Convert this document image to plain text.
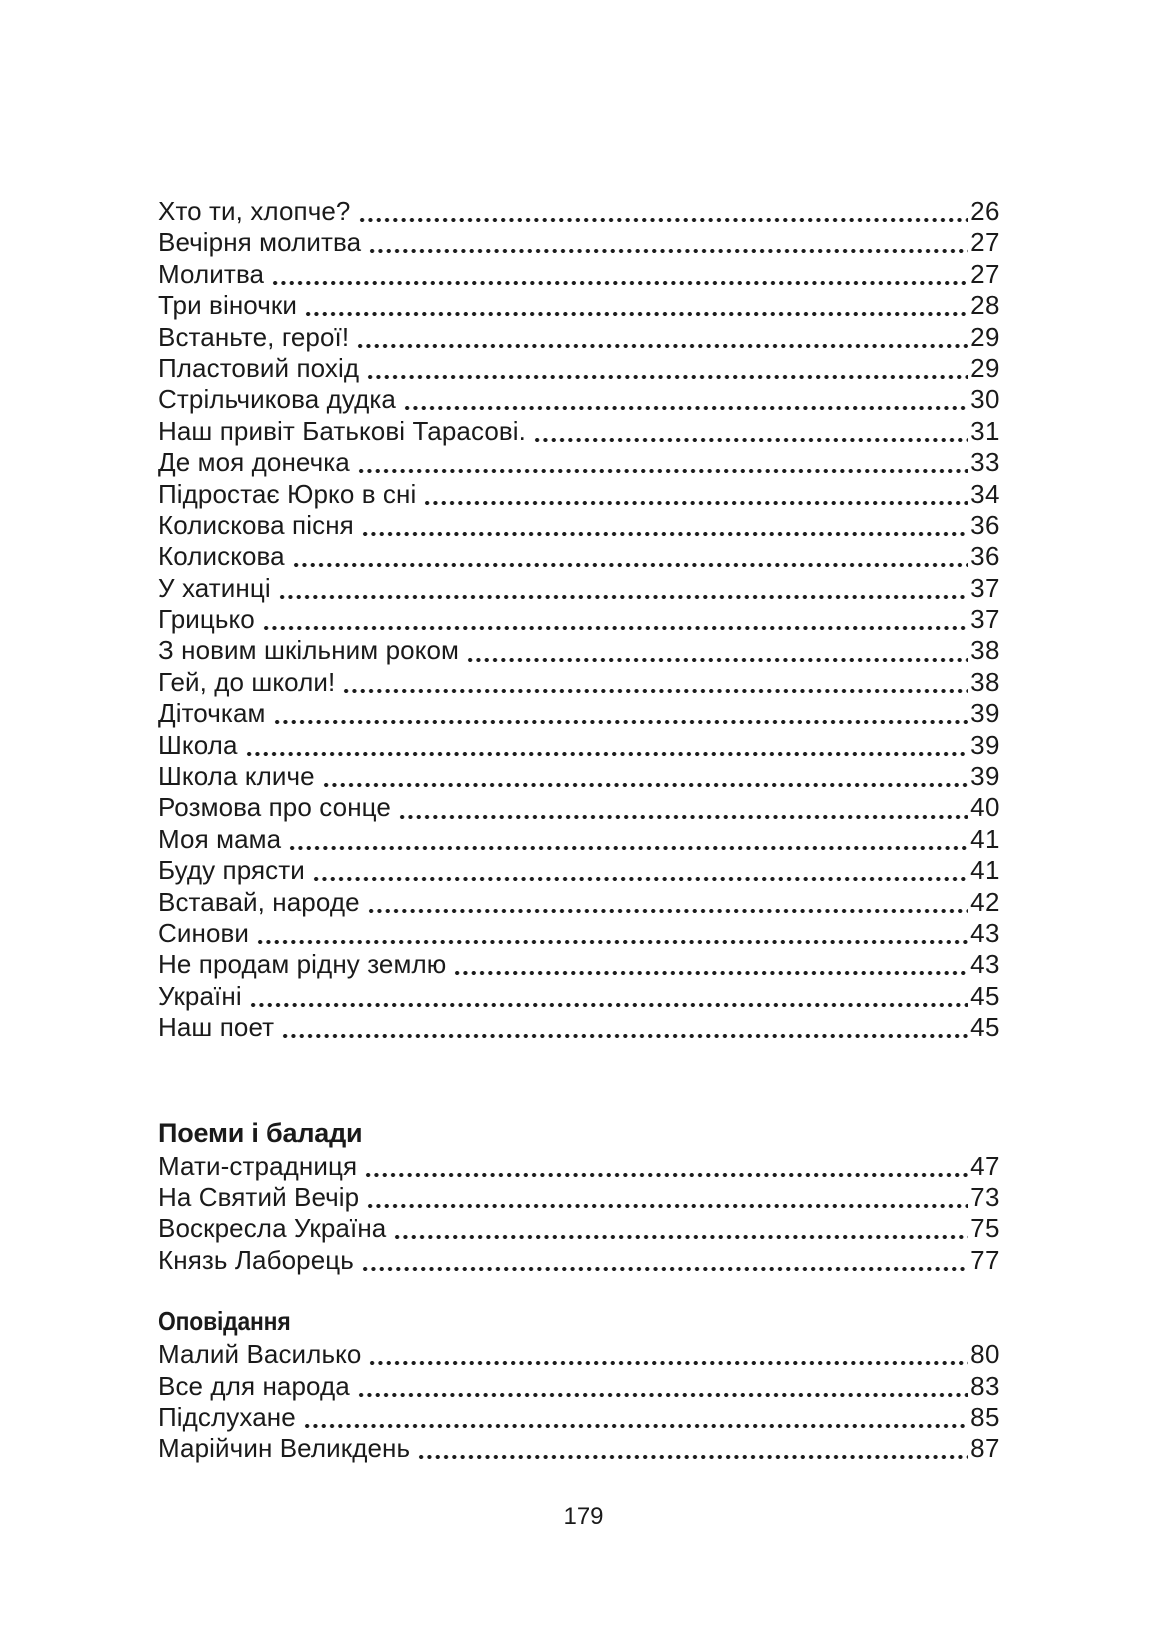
Хто ти, хлопче?	26
Вечірня молитва	27
Молитва	27
Три віночки	28
Встаньте, герої!	29
Пластовий похід	29
Стрільчикова дудка	30
Наш привіт Батькові Тарасові.	31
Де моя донечка	33
Підростає Юрко в сні	34
Колискова пісня	36
Колискова	36
У хатинці	37
Грицько	37
З новим шкільним роком	38
Гей, до школи!	38
Діточкам	39
Школа	39
Школа кличе	39
Розмова про сонце	40
Моя мама	41
Буду прясти	41
Вставай, народе	42
Синови	43
Не продам рідну землю	43
Україні	45
Наш поет	45
Поеми і балади
Мати-страдниця	47
На Святий Вечір	73
Воскресла Україна	75
Князь Лаборець	77
Оповідання
Малий Василько	80
Все для народа	83
Підслухане	85
Марійчин Великдень	87
179
